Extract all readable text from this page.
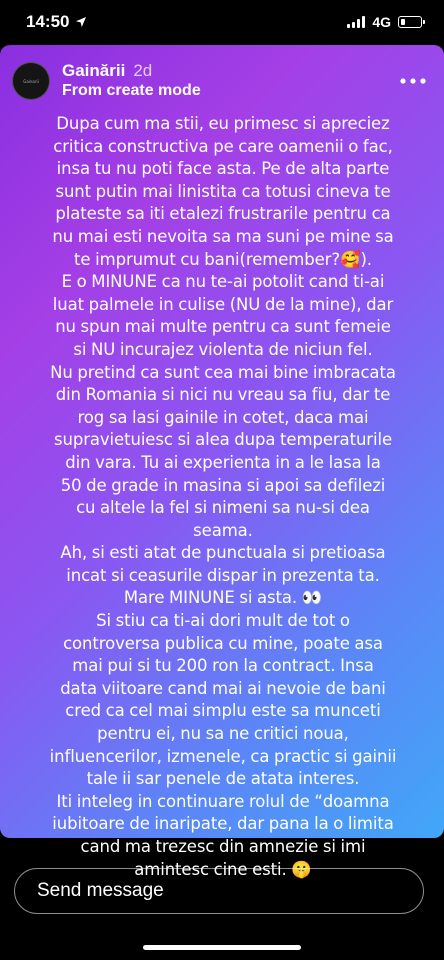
14:50	4G
Gainarii
Gainării 2d
From create mode
Dupa cum ma stii, eu primesc si apreciez
critica constructiva pe care oamenii o fac,
insa tu nu poti face asta. Pe de alta parte
sunt putin mai linistita ca totusi cineva te
plateste sa iti etalezi frustrarile pentru ca
nu mai esti nevoita sa ma suni pe mine sa
te imprumut cu bani(remember?🥰).
E o MINUNE ca nu te-ai potolit cand ti-ai
luat palmele in culise (NU de la mine), dar
nu spun mai multe pentru ca sunt femeie
si NU incurajez violenta de niciun fel.
Nu pretind ca sunt cea mai bine imbracata
din Romania si nici nu vreau sa fiu, dar te
rog sa lasi gainile in cotet, daca mai
supravietuiesc si alea dupa temperaturile
din vara. Tu ai experienta in a le lasa la
50 de grade in masina si apoi sa defilezi
cu altele la fel si nimeni sa nu-si dea
seama.
Ah, si esti atat de punctuala si pretioasa
incat si ceasurile dispar in prezenta ta.
Mare MINUNE si asta. 👀
Si stiu ca ti-ai dori mult de tot o
controversa publica cu mine, poate asa
mai pui si tu 200 ron la contract. Insa
data viitoare cand mai ai nevoie de bani
cred ca cel mai simplu este sa munceti
pentru ei, nu sa ne critici noua,
influencerilor, izmenele, ca practic si gainii
tale ii sar penele de atata interes.
Iti inteleg in continuare rolul de “doamna
iubitoare de inaripate, dar pana la o limita
cand ma trezesc din amnezie si imi
amintesc cine esti. 🤫
Send message
